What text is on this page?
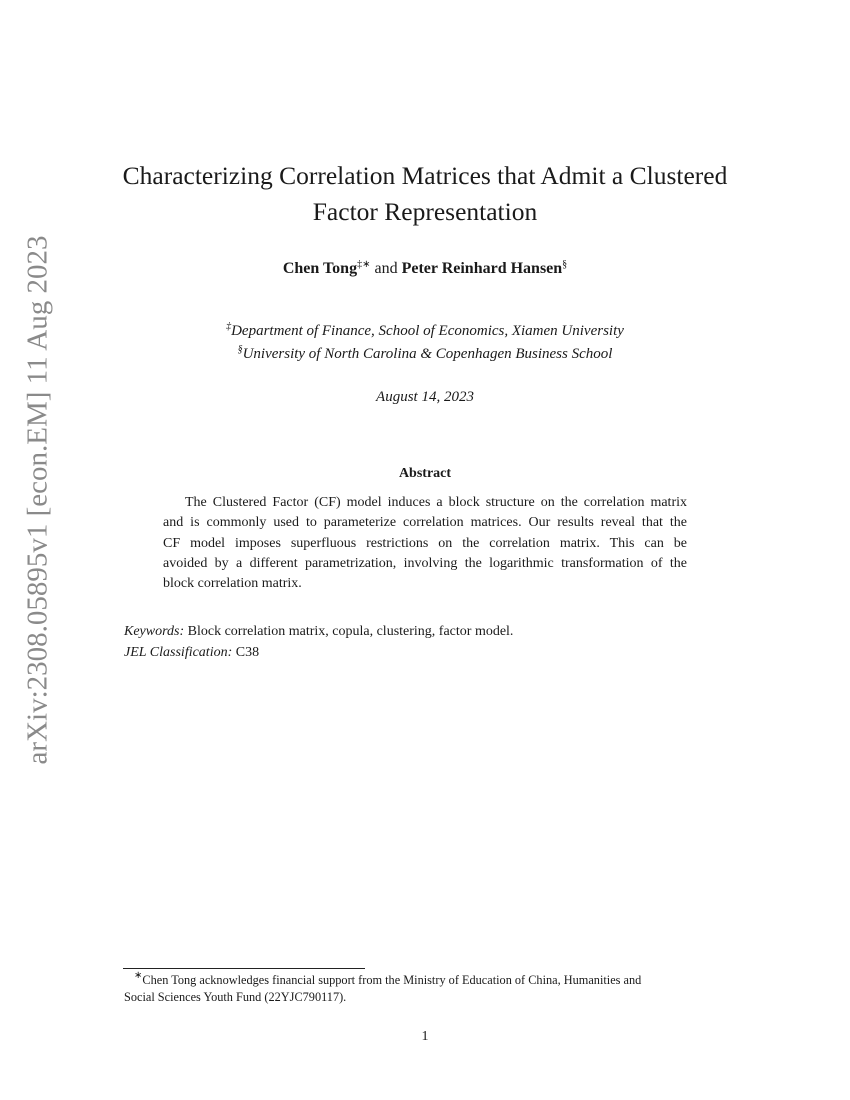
arXiv:2308.05895v1 [econ.EM] 11 Aug 2023
Characterizing Correlation Matrices that Admit a Clustered
Factor Representation
Chen Tong‡∗ and Peter Reinhard Hansen§
‡Department of Finance, School of Economics, Xiamen University
§University of North Carolina & Copenhagen Business School
August 14, 2023
Abstract
The Clustered Factor (CF) model induces a block structure on the correlation matrix
and is commonly used to parameterize correlation matrices. Our results reveal that the
CF model imposes superfluous restrictions on the correlation matrix. This can be
avoided by a different parametrization, involving the logarithmic transformation of the
block correlation matrix.
Keywords: Block correlation matrix, copula, clustering, factor model.
JEL Classification: C38
∗Chen Tong acknowledges financial support from the Ministry of Education of China, Humanities and
Social Sciences Youth Fund (22YJC790117).
1
